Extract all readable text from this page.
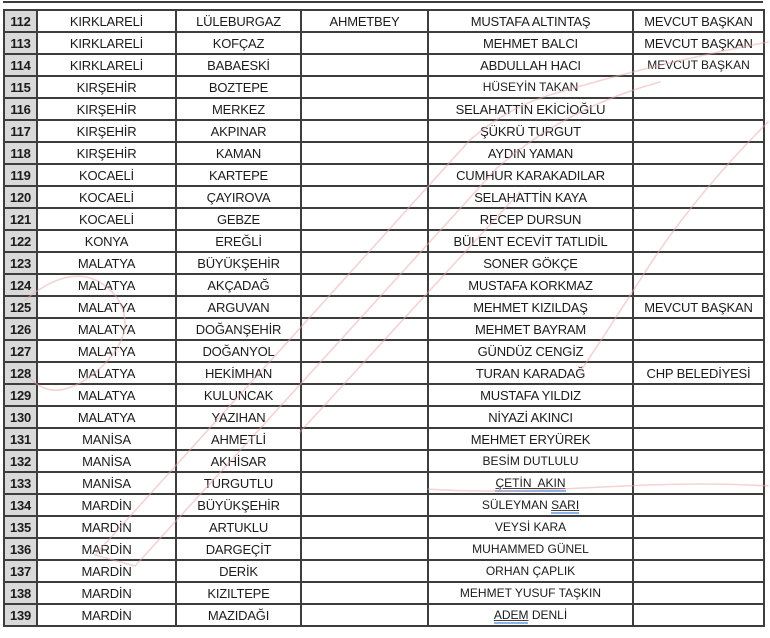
112	KIRKLARELİ	LÜLEBURGAZ	AHMETBEY	MUSTAFA ALTINTAŞ	MEVCUT BAŞKAN
113	KIRKLARELİ	KOFÇAZ		MEHMET BALCI	MEVCUT BAŞKAN
114	KIRKLARELİ	BABAESKİ		ABDULLAH HACI	MEVCUT BAŞKAN
115	KIRŞEHİR	BOZTEPE		HÜSEYİN TAKAN	
116	KIRŞEHİR	MERKEZ		SELAHATTİN EKİCİOĞLU	
117	KIRŞEHİR	AKPINAR		ŞÜKRÜ TURGUT	
118	KIRŞEHİR	KAMAN		AYDIN YAMAN	
119	KOCAELİ	KARTEPE		CUMHUR KARAKADILAR	
120	KOCAELİ	ÇAYIROVA		SELAHATTİN KAYA	
121	KOCAELİ	GEBZE		RECEP DURSUN	
122	KONYA	EREĞLİ		BÜLENT ECEVİT TATLIDİL	
123	MALATYA	BÜYÜKŞEHİR		SONER GÖKÇE	
124	MALATYA	AKÇADAĞ		MUSTAFA KORKMAZ	
125	MALATYA	ARGUVAN		MEHMET KIZILDAŞ	MEVCUT BAŞKAN
126	MALATYA	DOĞANŞEHİR		MEHMET BAYRAM	
127	MALATYA	DOĞANYOL		GÜNDÜZ CENGİZ	
128	MALATYA	HEKİMHAN		TURAN KARADAĞ	CHP BELEDİYESİ
129	MALATYA	KULUNCAK		MUSTAFA YILDIZ	
130	MALATYA	YAZIHAN		NİYAZİ AKINCI	
131	MANİSA	AHMETLİ		MEHMET ERYÜREK	
132	MANİSA	AKHİSAR		BESİM DUTLULU	
133	MANİSA	TURGUTLU		ÇETİN  AKIN	
134	MARDİN	BÜYÜKŞEHİR		SÜLEYMAN SARI	
135	MARDİN	ARTUKLU		VEYSİ KARA	
136	MARDİN	DARGEÇİT		MUHAMMED GÜNEL	
137	MARDİN	DERİK		ORHAN ÇAPLIK	
138	MARDİN	KIZILTEPE		MEHMET YUSUF TAŞKIN	
139	MARDİN	MAZIDAĞI		ADEM DENLİ	
